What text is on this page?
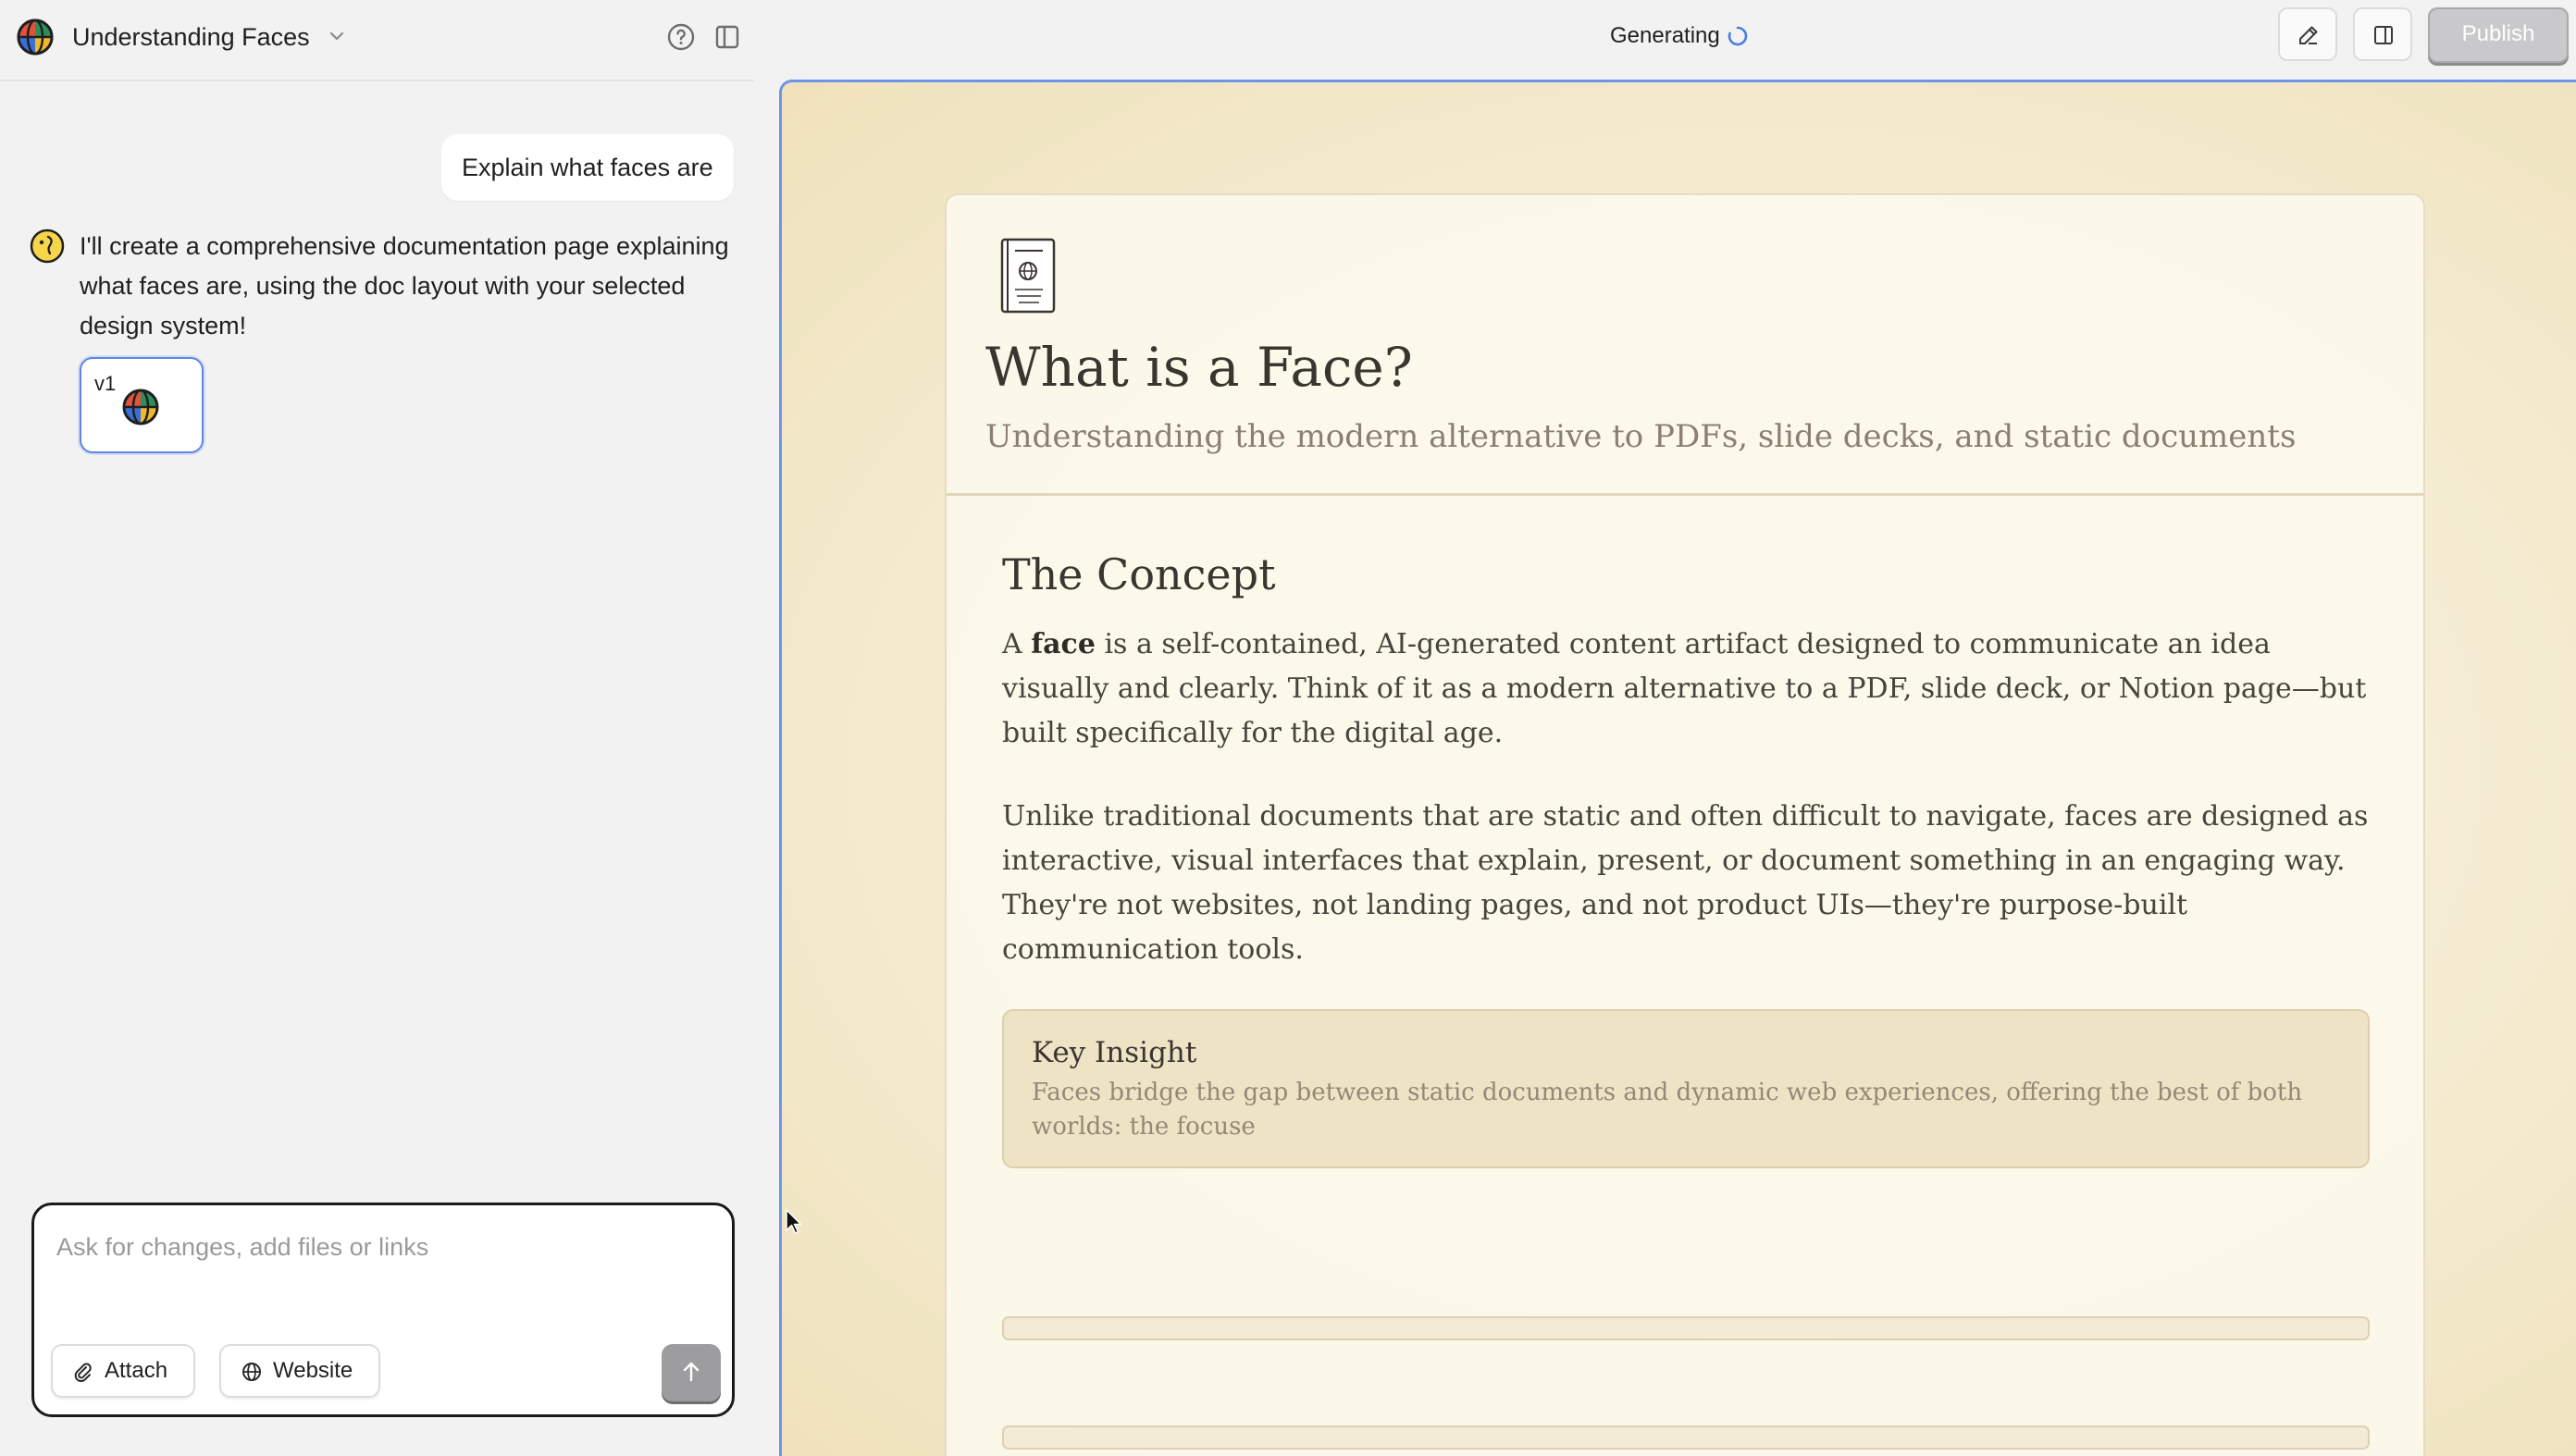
Understanding Faces
Explain what faces are
I'll create a comprehensive documentation page explaining what faces are, using the doc layout with your selected design system!
v1
Ask for changes, add files or links
Attach	Website
Generating	Publish
What is a Face?
Understanding the modern alternative to PDFs, slide decks, and static documents
The Concept

A face is a self-contained, AI-generated content artifact designed to communicate an idea visually and clearly. Think of it as a modern alternative to a PDF, slide deck, or Notion page—but built specifically for the digital age.

Unlike traditional documents that are static and often difficult to navigate, faces are designed as interactive, visual interfaces that explain, present, or document something in an engaging way. They're not websites, not landing pages, and not product UIs—they're purpose-built communication tools.

Key Insight
Faces bridge the gap between static documents and dynamic web experiences, offering the best of both worlds: the focuse
